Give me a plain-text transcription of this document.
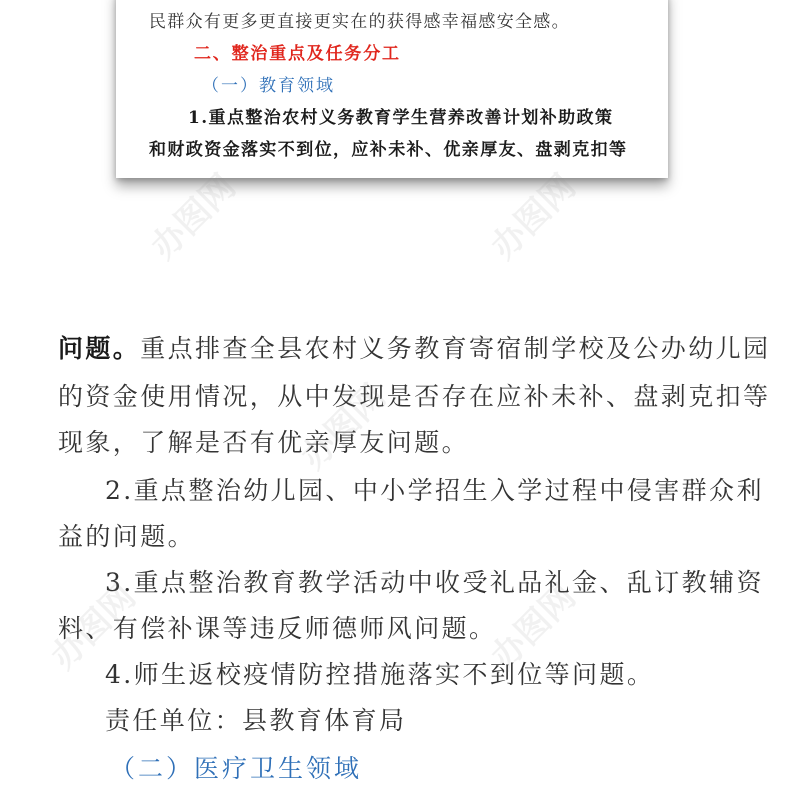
民群众有更多更直接更实在的获得感幸福感安全感。
二、整治重点及任务分工
（一）教育领域
1.重点整治农村义务教育学生营养改善计划补助政策
和财政资金落实不到位，应补未补、优亲厚友、盘剥克扣等
问题。重点排查全县农村义务教育寄宿制学校及公办幼儿园
的资金使用情况，从中发现是否存在应补未补、盘剥克扣等
现象，了解是否有优亲厚友问题。
2.重点整治幼儿园、中小学招生入学过程中侵害群众利
益的问题。
3.重点整治教育教学活动中收受礼品礼金、乱订教辅资
料、有偿补课等违反师德师风问题。
4.师生返校疫情防控措施落实不到位等问题。
责任单位：县教育体育局
（二）医疗卫生领域
办图网	办图网
办图网
办图网	办图网
